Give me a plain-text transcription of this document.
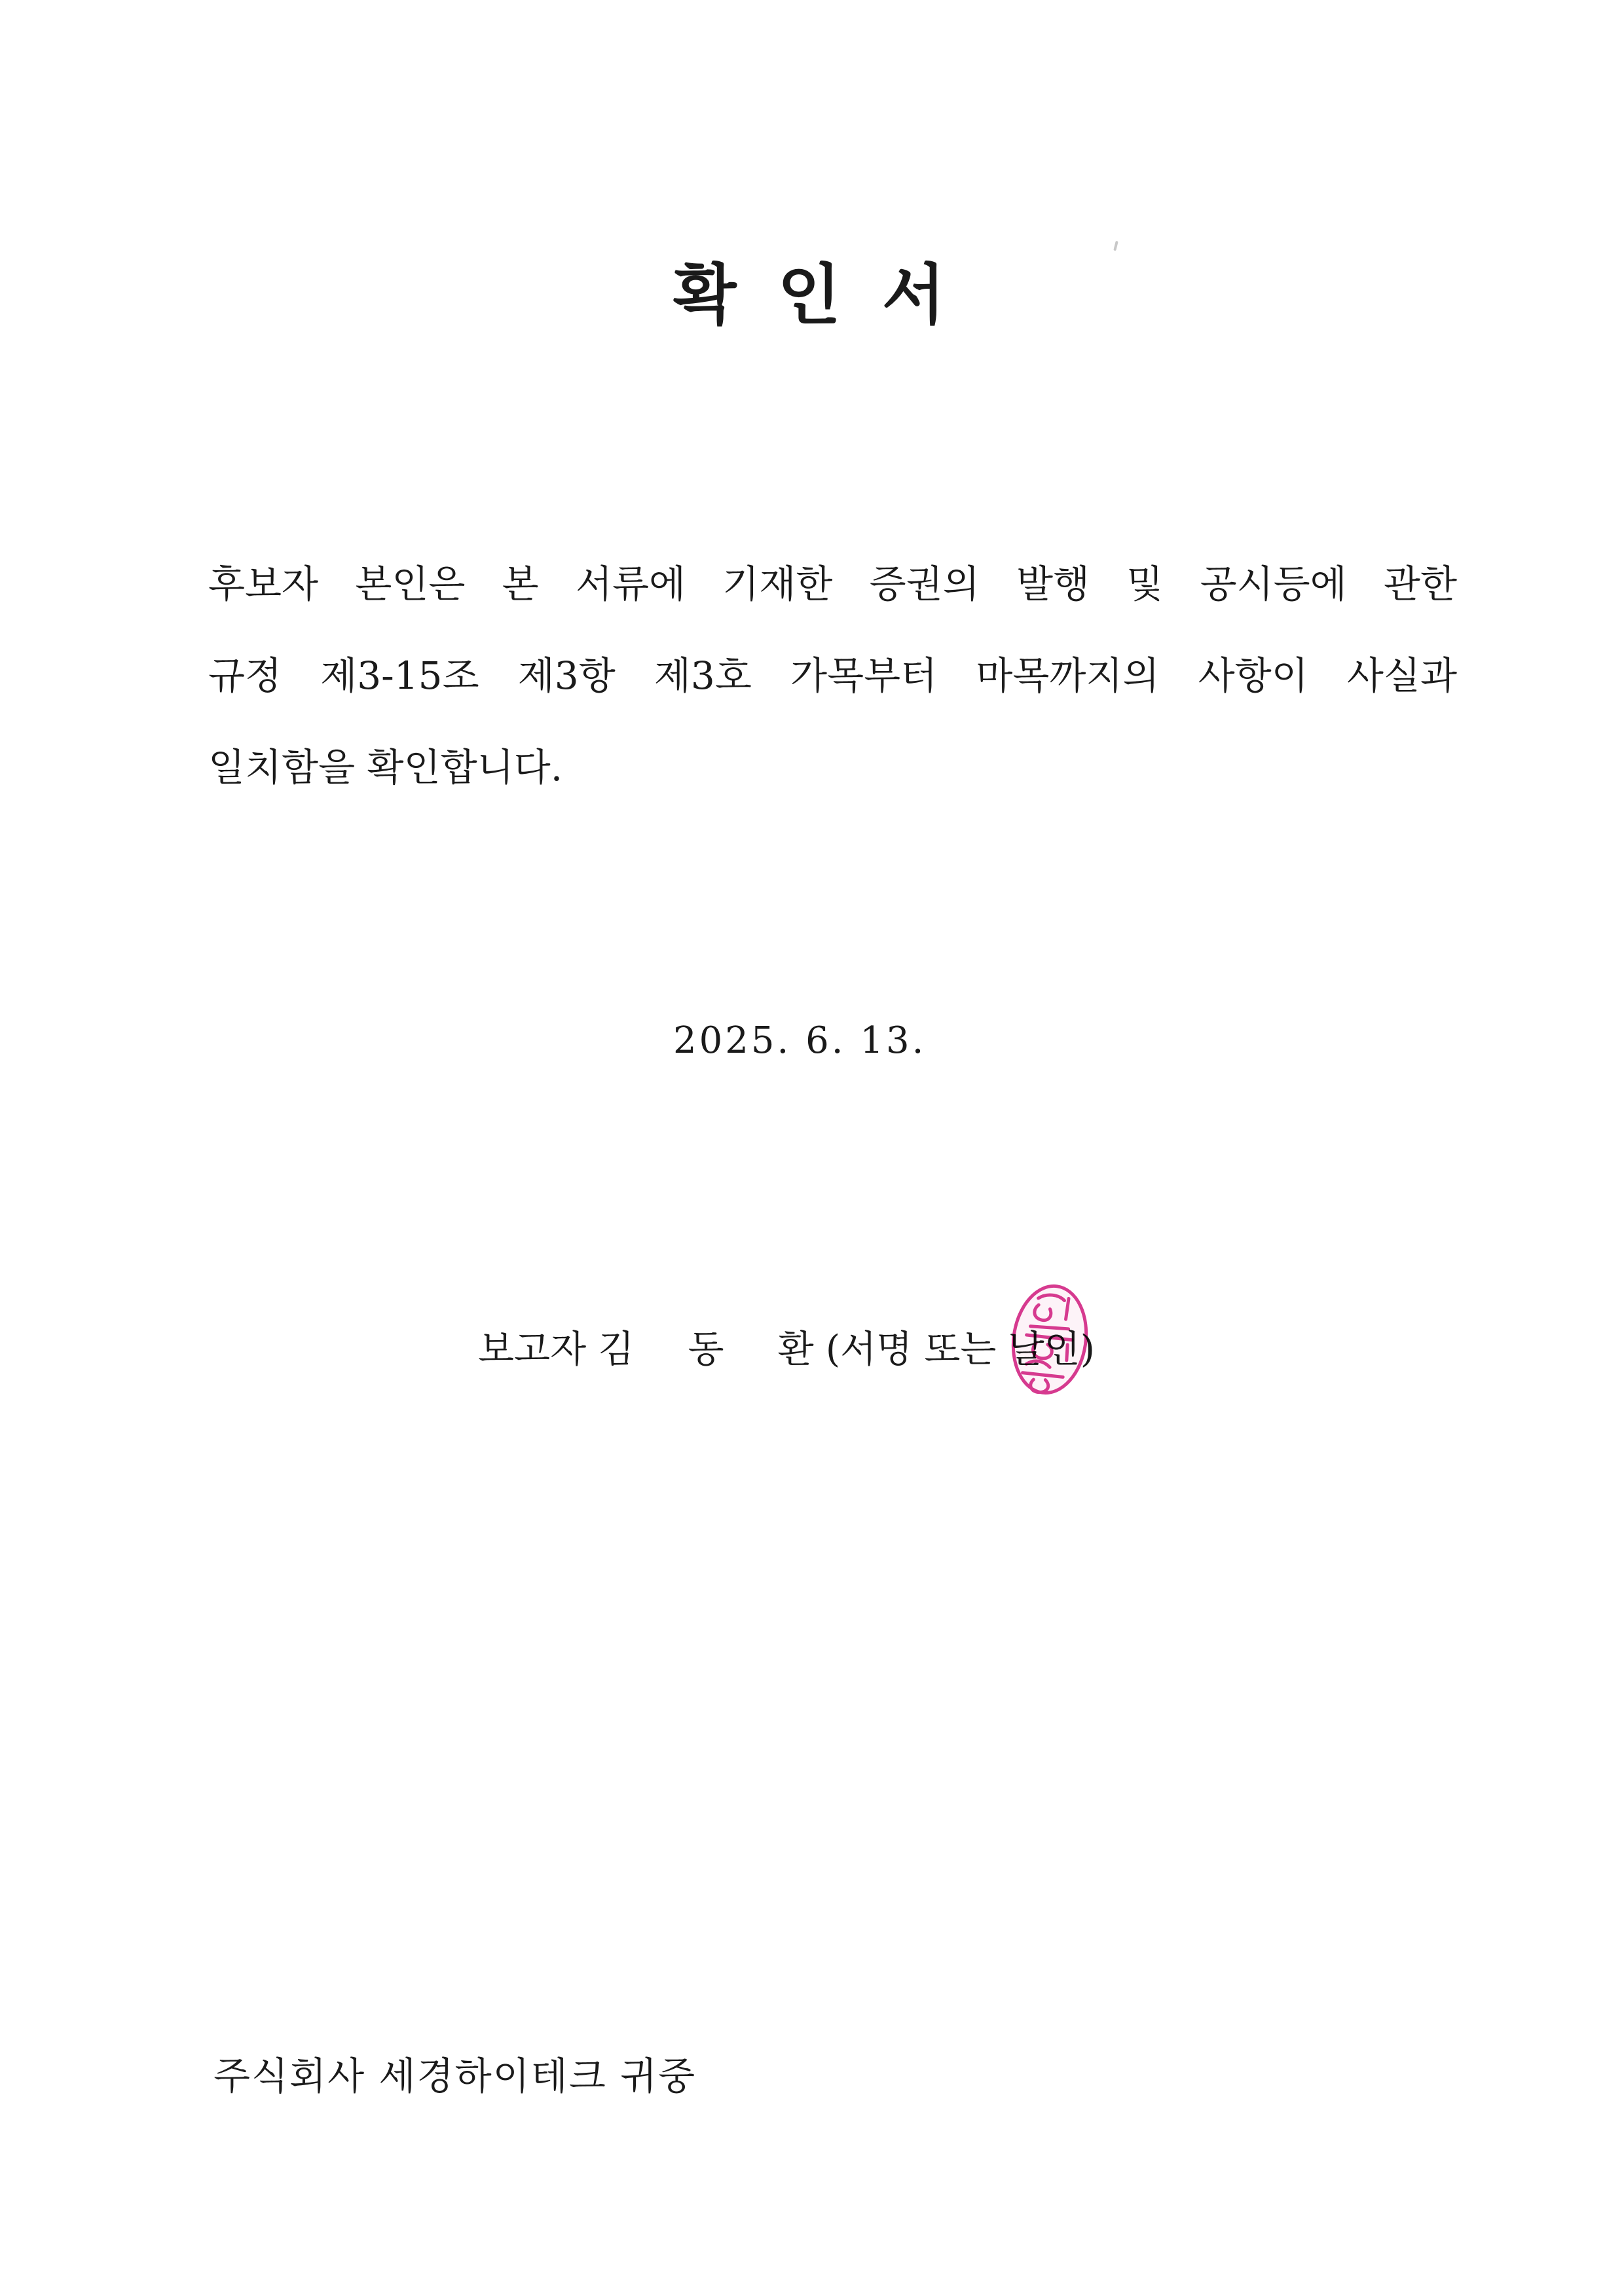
확 인 서
후보자 본인은 본 서류에 기재한 증권의 발행 및 공시등에 관한
규정 제3-15조 제3항 제3호 가목부터 마목까지의 사항이 사실과
일치함을 확인합니다.
2025. 6. 13.
보고자 김 동 환 (서명 또는 날인)
주식회사 세경하이테크 귀중
